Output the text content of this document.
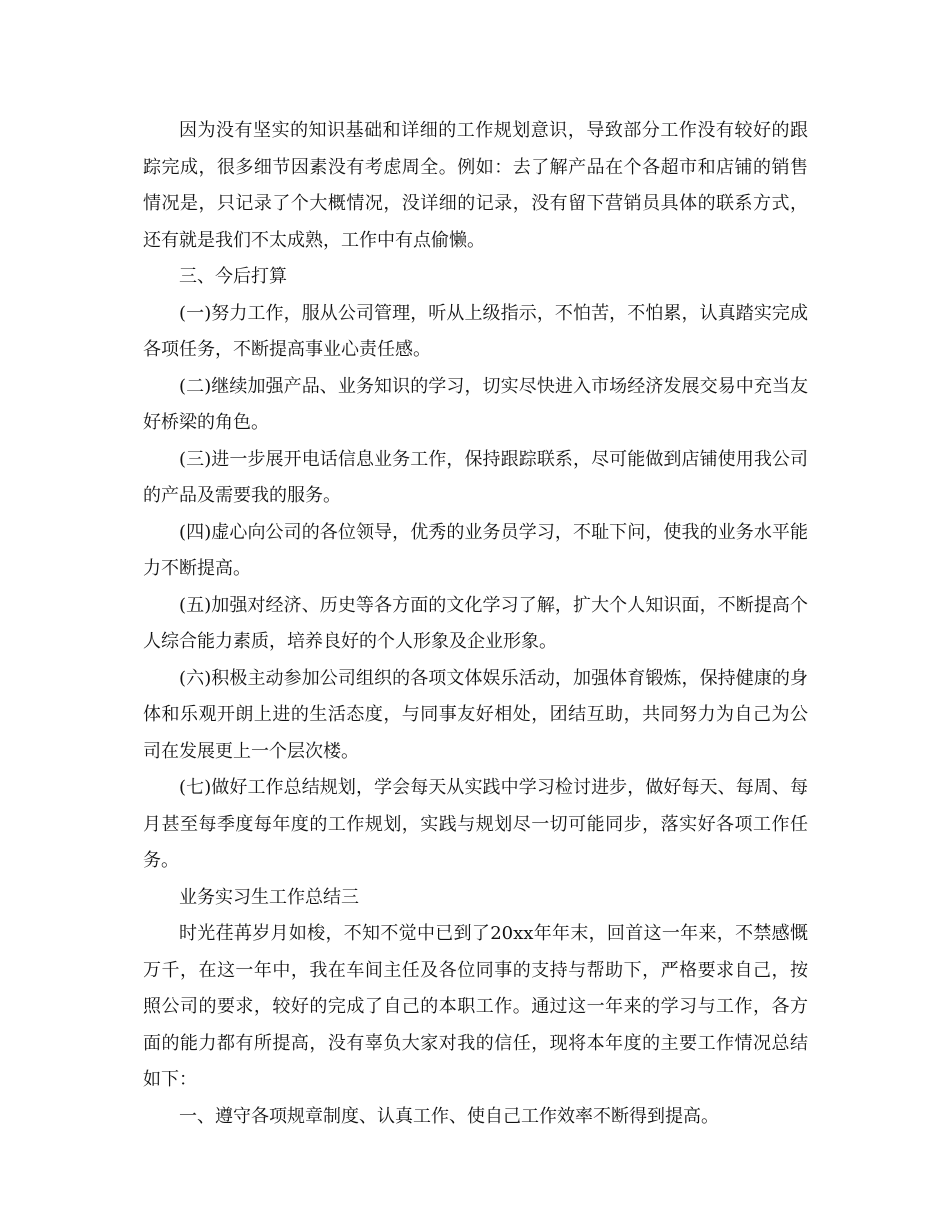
因为没有坚实的知识基础和详细的工作规划意识，导致部分工作没有较好的跟踪完成，很多细节因素没有考虑周全。例如：去了解产品在个各超市和店铺的销售情况是，只记录了个大概情况，没详细的记录，没有留下营销员具体的联系方式，还有就是我们不太成熟，工作中有点偷懒。

三、今后打算

(一)努力工作，服从公司管理，听从上级指示，不怕苦，不怕累，认真踏实完成各项任务，不断提高事业心责任感。

(二)继续加强产品、业务知识的学习，切实尽快进入市场经济发展交易中充当友好桥梁的角色。

(三)进一步展开电话信息业务工作，保持跟踪联系，尽可能做到店铺使用我公司的产品及需要我的服务。

(四)虚心向公司的各位领导，优秀的业务员学习，不耻下问，使我的业务水平能力不断提高。

(五)加强对经济、历史等各方面的文化学习了解，扩大个人知识面，不断提高个人综合能力素质，培养良好的个人形象及企业形象。

(六)积极主动参加公司组织的各项文体娱乐活动，加强体育锻炼，保持健康的身体和乐观开朗上进的生活态度，与同事友好相处，团结互助，共同努力为自己为公司在发展更上一个层次楼。

(七)做好工作总结规划，学会每天从实践中学习检讨进步，做好每天、每周、每月甚至每季度每年度的工作规划，实践与规划尽一切可能同步，落实好各项工作任务。

业务实习生工作总结三

时光荏苒岁月如梭，不知不觉中已到了20xx年年末，回首这一年来，不禁感慨万千，在这一年中，我在车间主任及各位同事的支持与帮助下，严格要求自己，按照公司的要求，较好的完成了自己的本职工作。通过这一年来的学习与工作，各方面的能力都有所提高，没有辜负大家对我的信任，现将本年度的主要工作情况总结如下：

一、遵守各项规章制度、认真工作、使自己工作效率不断得到提高。
